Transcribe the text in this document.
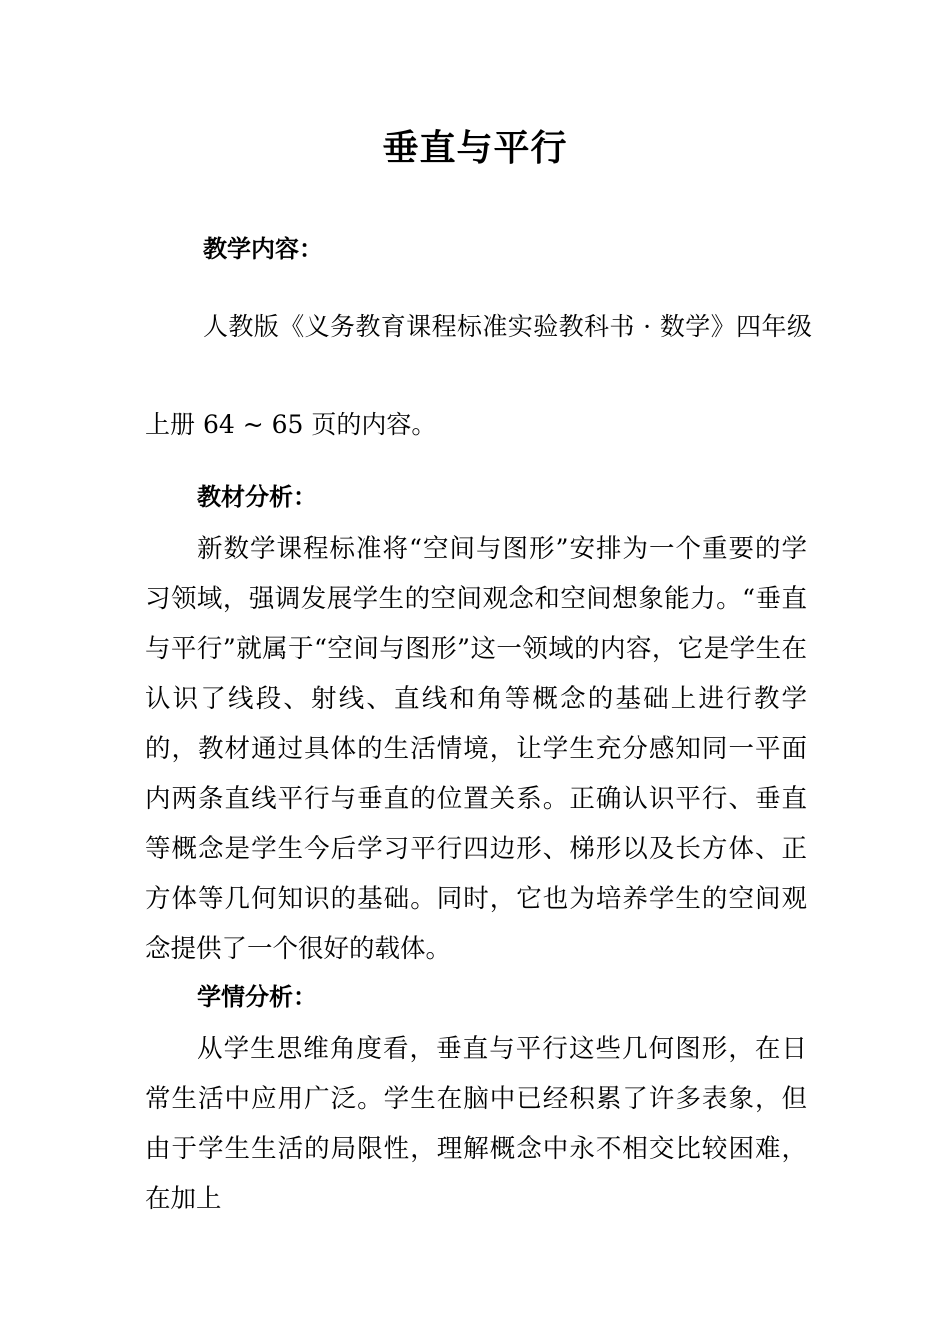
垂直与平行
教学内容：
人教版《义务教育课程标准实验教科书 · 数学》四年级
上册 64 ~ 65 页的内容。
教材分析：

新数学课程标准将“空间与图形”安排为一个重要的学习领域，强调发展学生的空间观念和空间想象能力。“垂直与平行”就属于“空间与图形”这一领域的内容，它是学生在认识了线段、射线、直线和角等概念的基础上进行教学的，教材通过具体的生活情境，让学生充分感知同一平面内两条直线平行与垂直的位置关系。正确认识平行、垂直等概念是学生今后学习平行四边形、梯形以及长方体、正方体等几何知识的基础。同时，它也为培养学生的空间观念提供了一个很好的载体。

学情分析：

从学生思维角度看，垂直与平行这些几何图形，在日常生活中应用广泛。学生在脑中已经积累了许多表象，但由于学生生活的局限性，理解概念中永不相交比较困难，在加上
